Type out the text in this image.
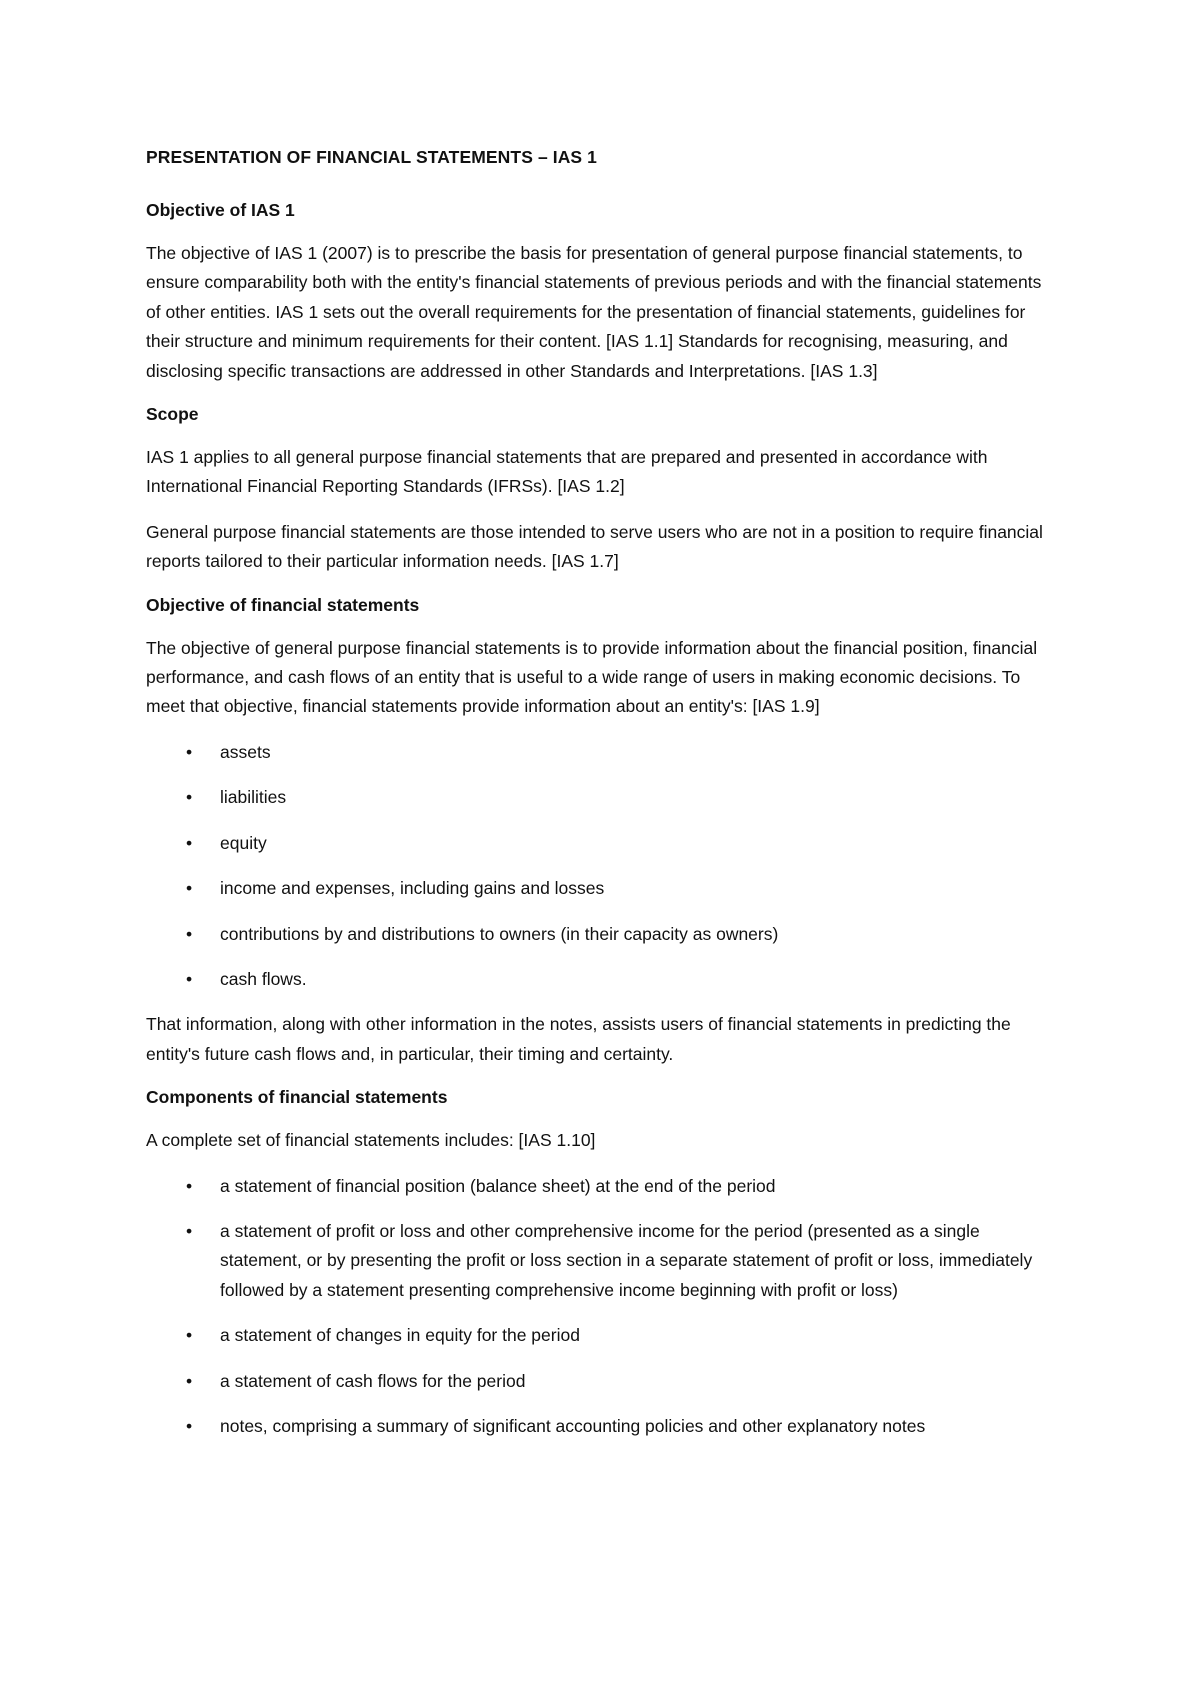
PRESENTATION OF FINANCIAL STATEMENTS – IAS 1
Objective of IAS 1

The objective of IAS 1 (2007) is to prescribe the basis for presentation of general purpose financial statements, to ensure comparability both with the entity's financial statements of previous periods and with the financial statements of other entities. IAS 1 sets out the overall requirements for the presentation of financial statements, guidelines for their structure and minimum requirements for their content. [IAS 1.1] Standards for recognising, measuring, and disclosing specific transactions are addressed in other Standards and Interpretations. [IAS 1.3]

Scope

IAS 1 applies to all general purpose financial statements that are prepared and presented in accordance with International Financial Reporting Standards (IFRSs). [IAS 1.2]

General purpose financial statements are those intended to serve users who are not in a position to require financial reports tailored to their particular information needs. [IAS 1.7]

Objective of financial statements

The objective of general purpose financial statements is to provide information about the financial position, financial performance, and cash flows of an entity that is useful to a wide range of users in making economic decisions. To meet that objective, financial statements provide information about an entity's: [IAS 1.9]

•	assets
•	liabilities
•	equity
•	income and expenses, including gains and losses
•	contributions by and distributions to owners (in their capacity as owners)
•	cash flows.

That information, along with other information in the notes, assists users of financial statements in predicting the entity's future cash flows and, in particular, their timing and certainty.

Components of financial statements

A complete set of financial statements includes: [IAS 1.10]

•	a statement of financial position (balance sheet) at the end of the period
•	a statement of profit or loss and other comprehensive income for the period (presented as a single statement, or by presenting the profit or loss section in a separate statement of profit or loss, immediately followed by a statement presenting comprehensive income beginning with profit or loss)
•	a statement of changes in equity for the period
•	a statement of cash flows for the period
•	notes, comprising a summary of significant accounting policies and other explanatory notes
